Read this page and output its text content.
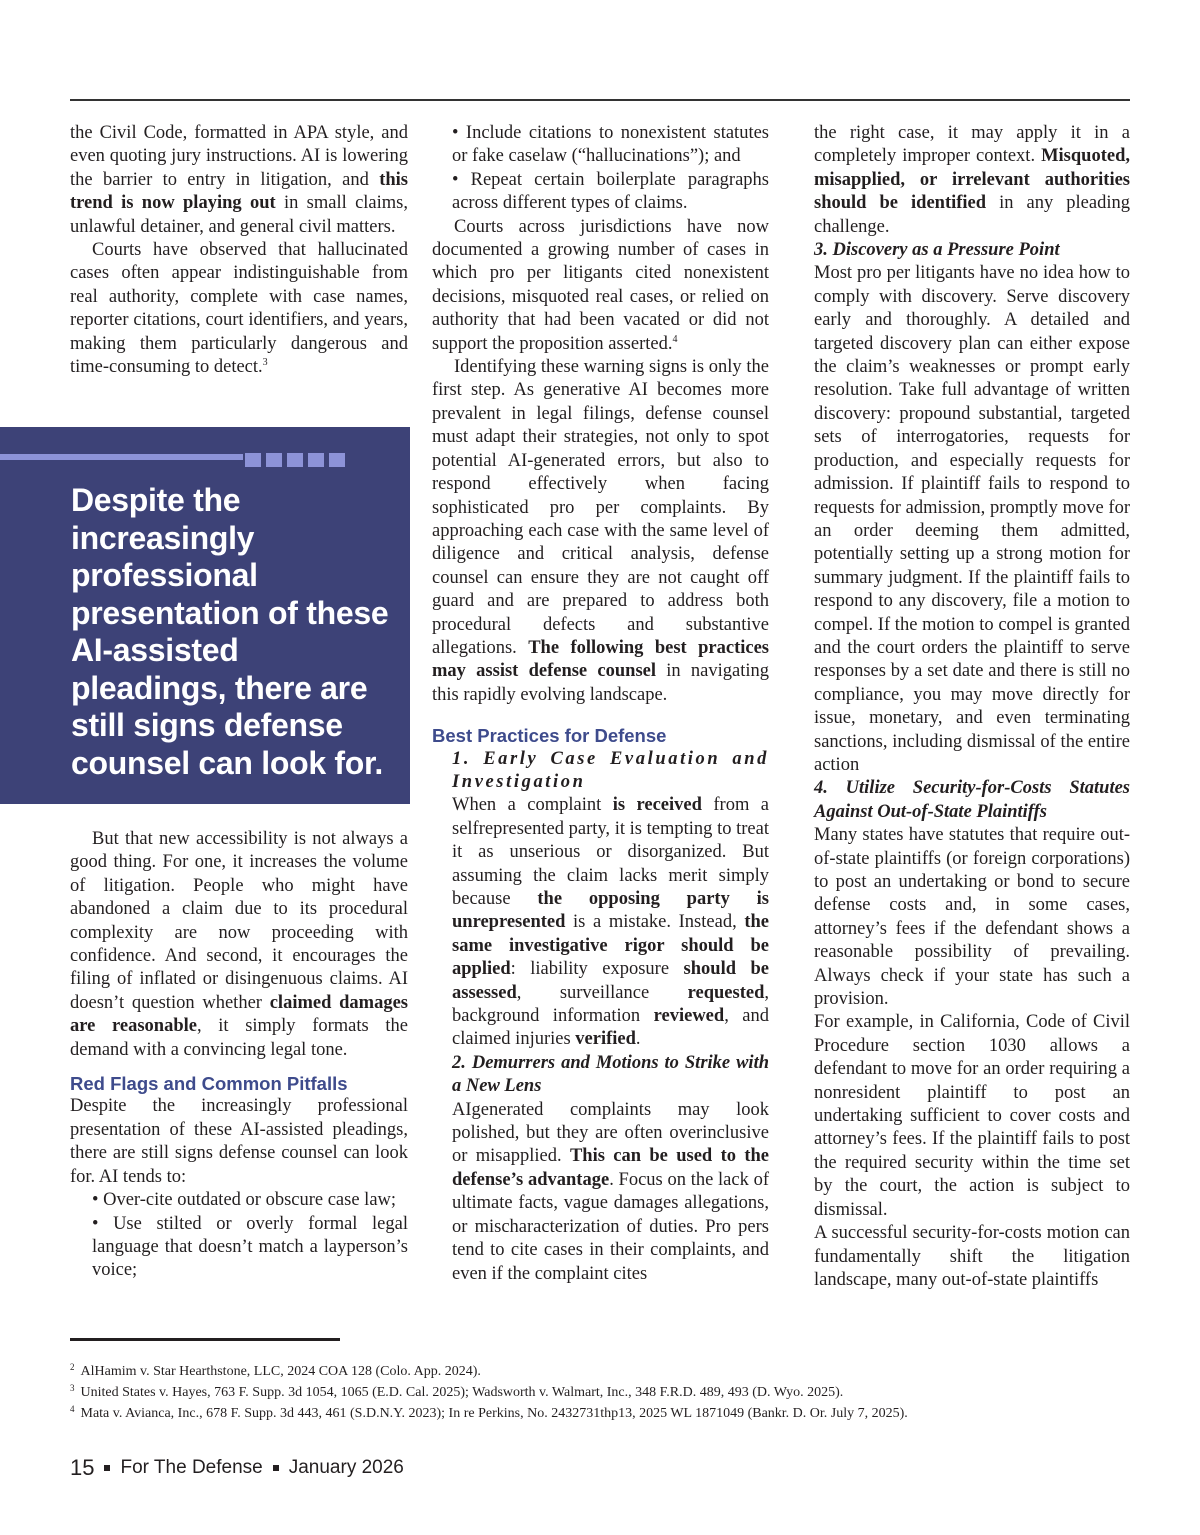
the Civil Code, formatted in APA style, and even quoting jury instructions. AI is lowering the barrier to entry in litigation, and this trend is now playing out in small claims, unlawful detainer, and general civil matters.

Courts have observed that hallucinated cases often appear indistinguishable from real authority, complete with case names, reporter citations, court identifiers, and years, making them particularly dangerous and time-consuming to detect.$^3$

Despite the increasingly professional presentation of these AI-assisted pleadings, there are still signs defense counsel can look for.

But that new accessibility is not always a good thing. For one, it increases the volume of litigation. People who might have abandoned a claim due to its procedural complexity are now proceeding with confidence. And second, it encourages the filing of inflated or disingenuous claims. AI doesn’t question whether claimed damages are reasonable, it simply formats the demand with a convincing legal tone.

Red Flags and Common Pitfalls

Despite the increasingly professional presentation of these AI-assisted pleadings, there are still signs defense counsel can look for. AI tends to:

• Over-cite outdated or obscure case law;

• Use stilted or overly formal legal language that doesn’t match a layperson’s voice;

• Include citations to nonexistent statutes or fake caselaw (“hallucinations”); and

• Repeat certain boilerplate paragraphs across different types of claims.

Courts across jurisdictions have now documented a growing number of cases in which pro per litigants cited nonexistent decisions, misquoted real cases, or relied on authority that had been vacated or did not support the proposition asserted.$^4$

Identifying these warning signs is only the first step. As generative AI becomes more prevalent in legal filings, defense counsel must adapt their strategies, not only to spot potential AI-generated errors, but also to respond effectively when facing sophisticated pro per complaints. By approaching each case with the same level of diligence and critical analysis, defense counsel can ensure they are not caught off guard and are prepared to address both procedural defects and substantive allegations. The following best practices may assist defense counsel in navigating this rapidly evolving landscape.

Best Practices for Defense

1. Early Case Evaluation and Investigation

When a complaint is received from a selfrepresented party, it is tempting to treat it as unserious or disorganized. But assuming the claim lacks merit simply because the opposing party is unrepresented is a mistake. Instead, the same investigative rigor should be applied: liability exposure should be assessed, surveillance requested, background information reviewed, and claimed injuries verified.

2. Demurrers and Motions to Strike with a New Lens

AIgenerated complaints may look polished, but they are often overinclusive or misapplied. This can be used to the defense’s advantage. Focus on the lack of ultimate facts, vague damages allegations, or mischaracterization of duties. Pro pers tend to cite cases in their complaints, and even if the complaint cites

the right case, it may apply it in a completely improper context. Misquoted, misapplied, or irrelevant authorities should be identified in any pleading challenge.

3. Discovery as a Pressure Point

Most pro per litigants have no idea how to comply with discovery. Serve discovery early and thoroughly. A detailed and targeted discovery plan can either expose the claim’s weaknesses or prompt early resolution. Take full advantage of written discovery: propound substantial, targeted sets of interrogatories, requests for production, and especially requests for admission. If plaintiff fails to respond to requests for admission, promptly move for an order deeming them admitted, potentially setting up a strong motion for summary judgment. If the plaintiff fails to respond to any discovery, file a motion to compel. If the motion to compel is granted and the court orders the plaintiff to serve responses by a set date and there is still no compliance, you may move directly for issue, monetary, and even terminating sanctions, including dismissal of the entire action

4. Utilize Security-for-Costs Statutes Against Out-of-State Plaintiffs

Many states have statutes that require out-of-state plaintiffs (or foreign corporations) to post an undertaking or bond to secure defense costs and, in some cases, attorney’s fees if the defendant shows a reasonable possibility of prevailing. Always check if your state has such a provision.

For example, in California, Code of Civil Procedure section 1030 allows a defendant to move for an order requiring a nonresident plaintiff to post an undertaking sufficient to cover costs and attorney’s fees. If the plaintiff fails to post the required security within the time set by the court, the action is subject to dismissal.

A successful security-for-costs motion can fundamentally shift the litigation landscape, many out-of-state plaintiffs

$^2$ AlHamim v. Star Hearthstone, LLC, 2024 COA 128 (Colo. App. 2024).
$^3$ United States v. Hayes, 763 F. Supp. 3d 1054, 1065 (E.D. Cal. 2025); Wadsworth v. Walmart, Inc., 348 F.R.D. 489, 493 (D. Wyo. 2025).
$^4$ Mata v. Avianca, Inc., 678 F. Supp. 3d 443, 461 (S.D.N.Y. 2023); In re Perkins, No. 2432731thp13, 2025 WL 1871049 (Bankr. D. Or. July 7, 2025).
15 For The Defense January 2026
